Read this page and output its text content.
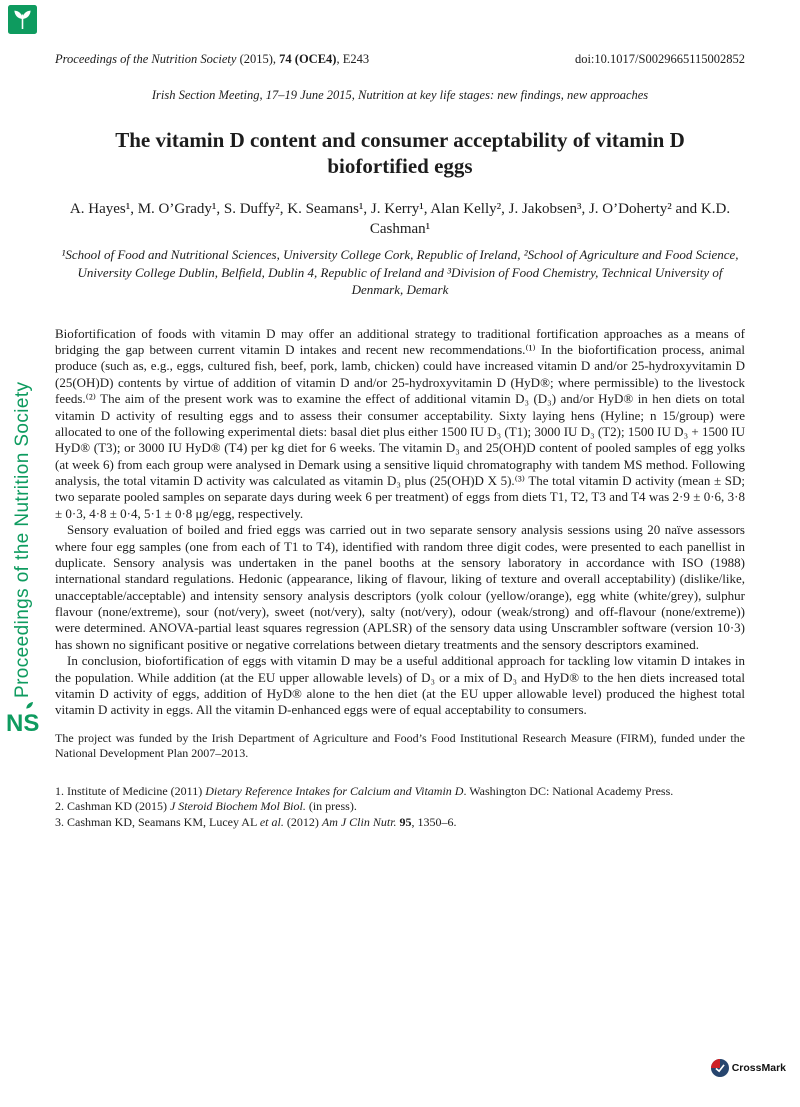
Proceedings of the Nutrition Society
NS
Proceedings of the Nutrition Society (2015), 74 (OCE4), E243	doi:10.1017/S0029665115002852
Irish Section Meeting, 17–19 June 2015, Nutrition at key life stages: new findings, new approaches
The vitamin D content and consumer acceptability of vitamin D biofortified eggs
A. Hayes¹, M. O’Grady¹, S. Duffy², K. Seamans¹, J. Kerry¹, Alan Kelly², J. Jakobsen³, J. O’Doherty² and K.D. Cashman¹
¹School of Food and Nutritional Sciences, University College Cork, Republic of Ireland, ²School of Agriculture and Food Science, University College Dublin, Belfield, Dublin 4, Republic of Ireland and ³Division of Food Chemistry, Technical University of Denmark, Demark

Biofortification of foods with vitamin D may offer an additional strategy to traditional fortification approaches as a means of bridging the gap between current vitamin D intakes and recent new recommendations.⁽¹⁾ In the biofortification process, animal produce (such as, e.g., eggs, cultured fish, beef, pork, lamb, chicken) could have increased vitamin D and/or 25-hydroxyvitamin D (25(OH)D) contents by virtue of addition of vitamin D and/or 25-hydroxyvitamin D (HyD®; where permissible) to the livestock feeds.⁽²⁾ The aim of the present work was to examine the effect of additional vitamin D₃ (D₃) and/or HyD® in hen diets on total vitamin D activity of resulting eggs and to assess their consumer acceptability. Sixty laying hens (Hyline; n 15/group) were allocated to one of the following experimental diets: basal diet plus either 1500 IU D₃ (T1); 3000 IU D₃ (T2); 1500 IU D₃ + 1500 IU HyD® (T3); or 3000 IU HyD® (T4) per kg diet for 6 weeks. The vitamin D₃ and 25(OH)D content of pooled samples of egg yolks (at week 6) from each group were analysed in Demark using a sensitive liquid chromatography with tandem MS method. Following analysis, the total vitamin D activity was calculated as vitamin D₃ plus (25(OH)D X 5).⁽³⁾ The total vitamin D activity (mean ± SD; two separate pooled samples on separate days during week 6 per treatment) of eggs from diets T1, T2, T3 and T4 was 2·9 ± 0·6, 3·8 ± 0·3, 4·8 ± 0·4, 5·1 ± 0·8 μg/egg, respectively.

Sensory evaluation of boiled and fried eggs was carried out in two separate sensory analysis sessions using 20 naïve assessors where four egg samples (one from each of T1 to T4), identified with random three digit codes, were presented to each panellist in duplicate. Sensory analysis was undertaken in the panel booths at the sensory laboratory in accordance with ISO (1988) international standard regulations. Hedonic (appearance, liking of flavour, liking of texture and overall acceptability) (dislike/like, unacceptable/acceptable) and intensity sensory analysis descriptors (yolk colour (yellow/orange), egg white (white/grey), sulphur flavour (none/extreme), sour (not/very), sweet (not/very), salty (not/very), odour (weak/strong) and off-flavour (none/extreme)) were determined. ANOVA-partial least squares regression (APLSR) of the sensory data using Unscrambler software (version 10·3) has shown no significant positive or negative correlations between dietary treatments and the sensory descriptors examined.

In conclusion, biofortification of eggs with vitamin D may be a useful additional approach for tackling low vitamin D intakes in the population. While addition (at the EU upper allowable levels) of D₃ or a mix of D₃ and HyD® to the hen diets increased total vitamin D activity of eggs, addition of HyD® alone to the hen diet (at the EU upper allowable level) produced the highest total vitamin D activity in eggs. All the vitamin D-enhanced eggs were of equal acceptability to consumers.

The project was funded by the Irish Department of Agriculture and Food’s Food Institutional Research Measure (FIRM), funded under the National Development Plan 2007–2013.

1. Institute of Medicine (2011) Dietary Reference Intakes for Calcium and Vitamin D. Washington DC: National Academy Press.
2. Cashman KD (2015) J Steroid Biochem Mol Biol. (in press).
3. Cashman KD, Seamans KM, Lucey AL et al. (2012) Am J Clin Nutr. 95, 1350–6.
CrossMark
